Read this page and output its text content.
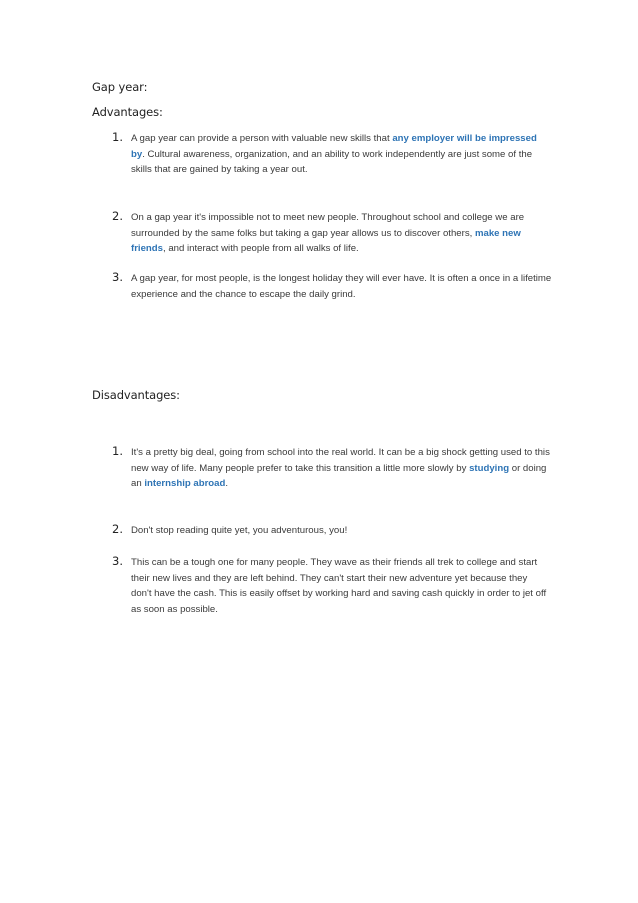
Gap year:
Advantages:
1. A gap year can provide a person with valuable new skills that any employer will be impressed by. Cultural awareness, organization, and an ability to work independently are just some of the skills that are gained by taking a year out.
2. On a gap year it's impossible not to meet new people. Throughout school and college we are surrounded by the same folks but taking a gap year allows us to discover others, make new friends, and interact with people from all walks of life.
3. A gap year, for most people, is the longest holiday they will ever have. It is often a once in a lifetime experience and the chance to escape the daily grind.
Disadvantages:
1. It's a pretty big deal, going from school into the real world. It can be a big shock getting used to this new way of life. Many people prefer to take this transition a little more slowly by studying or doing an internship abroad.
2. Don't stop reading quite yet, you adventurous, you!
3. This can be a tough one for many people. They wave as their friends all trek to college and start their new lives and they are left behind. They can't start their new adventure yet because they don't have the cash. This is easily offset by working hard and saving cash quickly in order to jet off as soon as possible.
